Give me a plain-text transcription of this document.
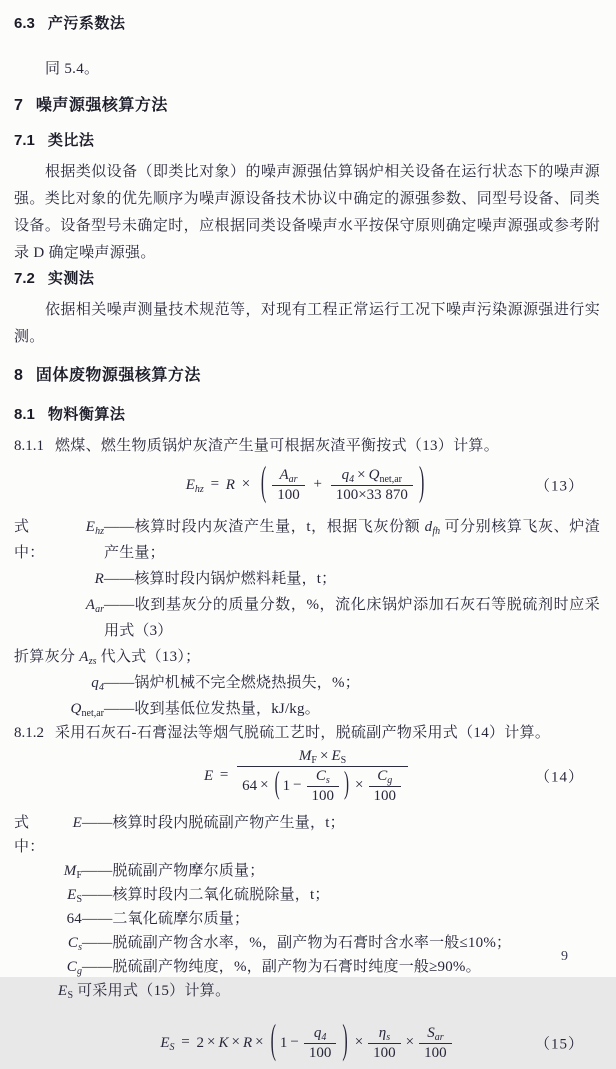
6.3 产污系数法

同 5.4。

7 噪声源强核算方法
7.1 类比法

根据类似设备（即类比对象）的噪声源强估算锅炉相关设备在运行状态下的噪声源强。类比对象的优先顺序为噪声源设备技术协议中确定的源强参数、同型号设备、同类设备。设备型号未确定时，应根据同类设备噪声水平按保守原则确定噪声源强或参考附录 D 确定噪声源强。

7.2 实测法

依据相关噪声测量技术规范等，对现有工程正常运行工况下噪声污染源源强进行实测。

8 固体废物源强核算方法
8.1 物料衡算法

8.1.1 燃煤、燃生物质锅炉灰渣产生量可根据灰渣平衡按式（13）计算。

$E_{hz} = R$ × ( $\frac{A_{ar}}{100} + \frac{q_4 \times Q_{net,ar}}{100\times 33 870}$ )	（13）
式中：
$E_{hz}$ ——核算时段内灰渣产生量，t，根据飞灰份额 $d_{fh}$ 可分别核算飞灰、炉渣产生量；
R ——核算时段内锅炉燃料耗量，t；
$A_{ar}$ ——收到基灰分的质量分数，%，流化床锅炉添加石灰石等脱硫剂时应采用式（3）

折算灰分 $A_{zs}$ 代入式（13）；

$q_4$ ——锅炉机械不完全燃烧热损失，%；
$Q_{net,ar}$ ——收到基低位发热量，kJ/kg。

8.1.2 采用石灰石-石膏湿法等烟气脱硫工艺时，脱硫副产物采用式（14）计算。

$E = \frac{M_F \times E_S}{64 \times ( 1 - \frac{C_s}{100} ) \times \frac{C_g}{100}}$	（14）
式中：
E ——核算时段内脱硫副产物产生量，t；
$M_F$ ——脱硫副产物摩尔质量；
$E_S$ ——核算时段内二氧化硫脱除量，t；
64 ——二氧化硫摩尔质量；
$C_s$ ——脱硫副产物含水率，%，副产物为石膏时含水率一般≤10%；
$C_g$ ——脱硫副产物纯度，%，副产物为石膏时纯度一般≥90%。

$E_S$ 可采用式（15）计算。

$E_S = 2 \times K \times R$ × ( $1 - \frac{q_4}{100}$ ) × $\frac{\eta_s}{100} \times \frac{S_{ar}}{100}$	（15）
9
